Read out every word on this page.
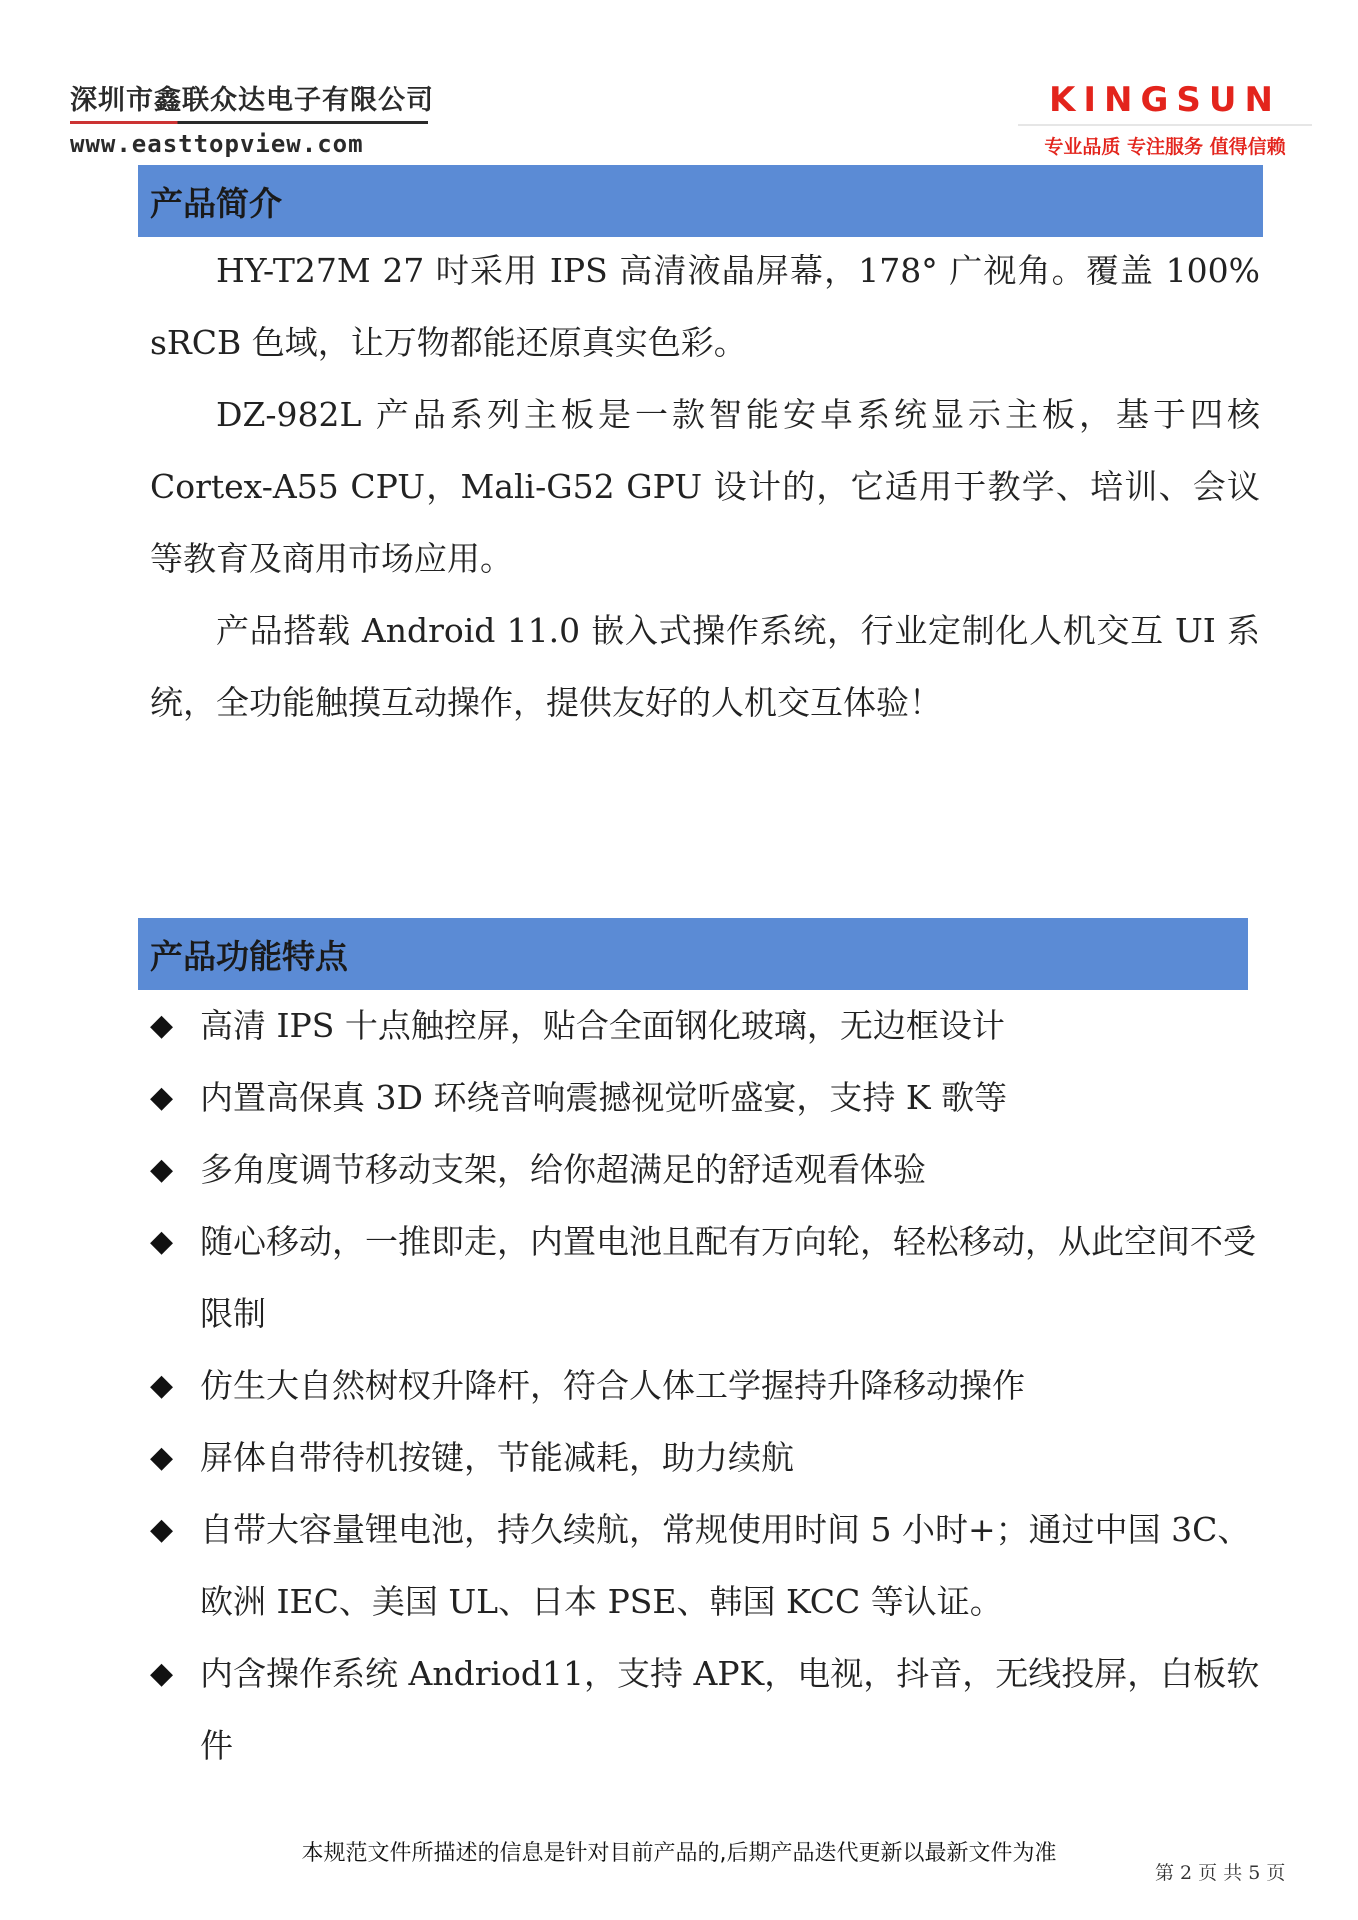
深圳市鑫联众达电子有限公司
www.easttopview.com
KINGSUN
专业品质 专注服务 值得信赖
产品简介

HY-T27M 27 吋采用 IPS 高清液晶屏幕，178° 广视角。覆盖 100% sRCB 色域，让万物都能还原真实色彩。

DZ-982L 产品系列主板是一款智能安卓系统显示主板，基于四核 Cortex-A55 CPU，Mali-G52 GPU 设计的，它适用于教学、培训、会议等教育及商用市场应用。

产品搭载 Android 11.0 嵌入式操作系统，行业定制化人机交互 UI 系统，全功能触摸互动操作，提供友好的人机交互体验！

产品功能特点
◆ 高清 IPS 十点触控屏，贴合全面钢化玻璃，无边框设计
◆ 内置高保真 3D 环绕音响震撼视觉听盛宴，支持 K 歌等
◆ 多角度调节移动支架，给你超满足的舒适观看体验
◆ 随心移动，一推即走，内置电池且配有万向轮，轻松移动，从此空间不受限制
◆ 仿生大自然树杈升降杆，符合人体工学握持升降移动操作
◆ 屏体自带待机按键，节能减耗，助力续航
◆ 自带大容量锂电池，持久续航，常规使用时间 5 小时+；通过中国 3C、欧洲 IEC、美国 UL、日本 PSE、韩国 KCC 等认证。
◆ 内含操作系统 Andriod11，支持 APK，电视，抖音，无线投屏，白板软件
本规范文件所描述的信息是针对目前产品的,后期产品迭代更新以最新文件为准
第 2 页 共 5 页
